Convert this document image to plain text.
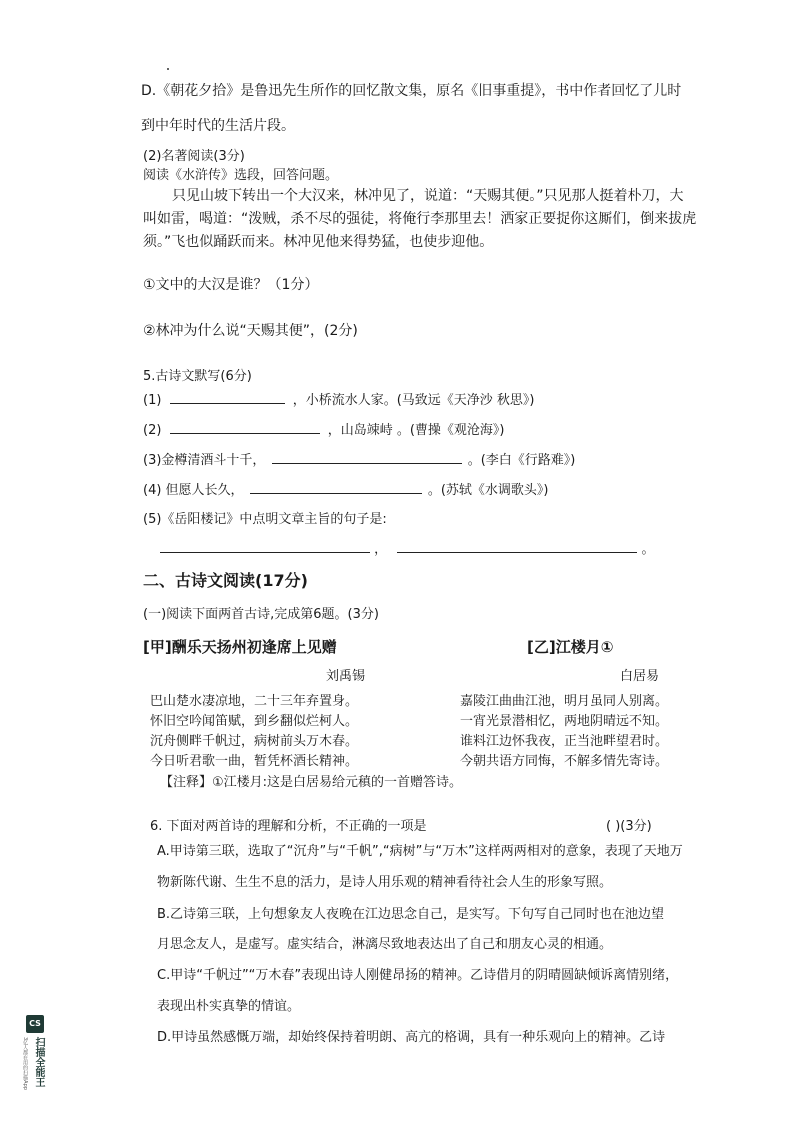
D.《朝花夕拾》是鲁迅先生所作的回忆散文集，原名《旧事重提》，书中作者回忆了儿时
到中年时代的生活片段。
(2)名著阅读(3分)
阅读《水浒传》选段，回答问题。
只见山坡下转出一个大汉来，林冲见了，说道：“天赐其便。”只见那人挺着朴刀，大
叫如雷，喝道：“泼贼，杀不尽的强徒，将俺行李那里去！洒家正要捉你这厮们，倒来拔虎
须。”飞也似踊跃而来。林冲见他来得势猛，也使步迎他。
①文中的大汉是谁？（1分）
②林冲为什么说“天赐其便”，(2分)
5.古诗文默写(6分)
(1)	，小桥流水人家。(马致远《天净沙 秋思》)
(2)	，山岛竦峙 。(曹操《观沧海》)
(3)金樽清酒斗十千，	。(李白《行路难》)
(4) 但愿人长久，	。(苏轼《水调歌头》)
(5)《岳阳楼记》中点明文章主旨的句子是:
，	。
二、古诗文阅读(17分)
(一)阅读下面两首古诗,完成第6题。(3分)
[甲]酬乐天扬州初逢席上见赠	[乙]江楼月①
刘禹锡	白居易
巴山楚水凄凉地，二十三年弃置身。
怀旧空吟闻笛赋，到乡翻似烂柯人。
沉舟侧畔千帆过，病树前头万木春。
今日听君歌一曲，暂凭杯酒长精神。
嘉陵江曲曲江池，明月虽同人别离。
一宵光景潜相忆，两地阴晴远不知。
谁料江边怀我夜，正当池畔望君时。
今朝共语方同悔，不解多情先寄诗。
【注释】①江楼月:这是白居易给元稹的一首赠答诗。
6. 下面对两首诗的理解和分析，不正确的一项是	( )(3分)
A.甲诗第三联，选取了“沉舟”与“千帆”,“病树”与“万木”这样两两相对的意象，表现了天地万
物新陈代谢、生生不息的活力，是诗人用乐观的精神看待社会人生的形象写照。
B.乙诗第三联，上句想象友人夜晚在江边思念自己，是实写。下句写自己同时也在池边望
月思念友人，是虚写。虚实结合，淋漓尽致地表达出了自己和朋友心灵的相通。
C.甲诗“千帆过”“万木春”表现出诗人刚健昂扬的精神。乙诗借月的阴晴圆缺倾诉离情别绪，
表现出朴实真挚的情谊。
D.甲诗虽然感慨万端，却始终保持着明朗、高亢的格调，具有一种乐观向上的精神。乙诗
CS
3亿人都在用的扫描App 扫描全能王
